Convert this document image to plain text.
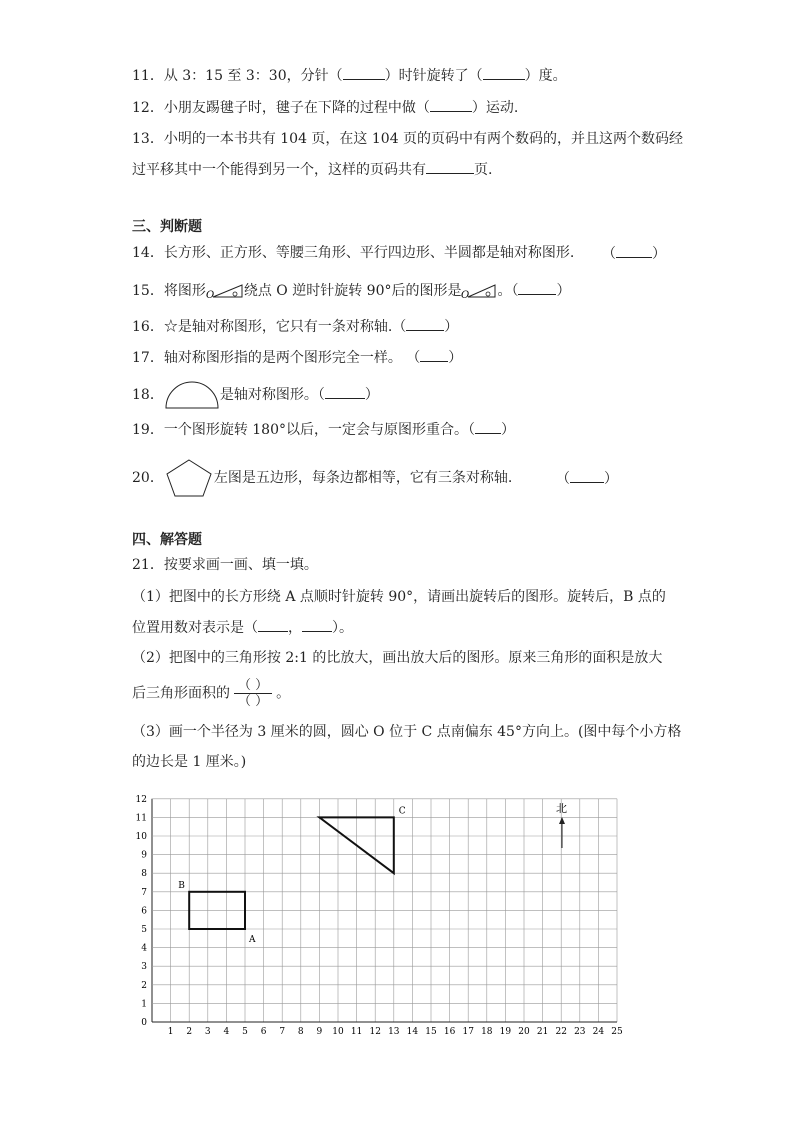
11．从 3：15 至 3：30，分针（	）时针旋转了（	）度。
12．小朋友踢毽子时，毽子在下降的过程中做（	）运动.
13．小明的一本书共有 104 页，在这 104 页的页码中有两个数码的，并且这两个数码经
过平移其中一个能得到另一个，这样的页码共有	页.
三、判断题
14．长方形、正方形、等腰三角形、平行四边形、半圆都是轴对称图形. （	）
15．将图形 O 绕点 O 逆时针旋转 90°后的图形是 O 。（	）
16．☆是轴对称图形，它只有一条对称轴.（	）
17．轴对称图形指的是两个图形完全一样。 （ ）
18．	是轴对称图形。（	）
19．一个图形旋转 180°以后，一定会与原图形重合。（ ）
20．	左图是五边形，每条边都相等，它有三条对称轴.	（ ）
四、解答题
21．按要求画一画、填一填。
（1）把图中的长方形绕 A 点顺时针旋转 90°，请画出旋转后的图形。旋转后，B 点的
位置用数对表示是（ ， ）。
（2）把图中的三角形按 2:1 的比放大，画出放大后的图形。原来三角形的面积是放大
后三角形面积的 $\frac{( )}{( )}$ 。
（3）画一个半径为 3 厘米的圆，圆心 O 位于 C 点南偏东 45°方向上。(图中每个小方格
的边长是 1 厘米。)
1 2 3 4 5 6 7 8 9 10 11 12 13 14 15 16 17 18 19 20 21 22 23 24 25
0
1
2
3
4
5
6
7
8
9
10
11
12
A
B
C	北
